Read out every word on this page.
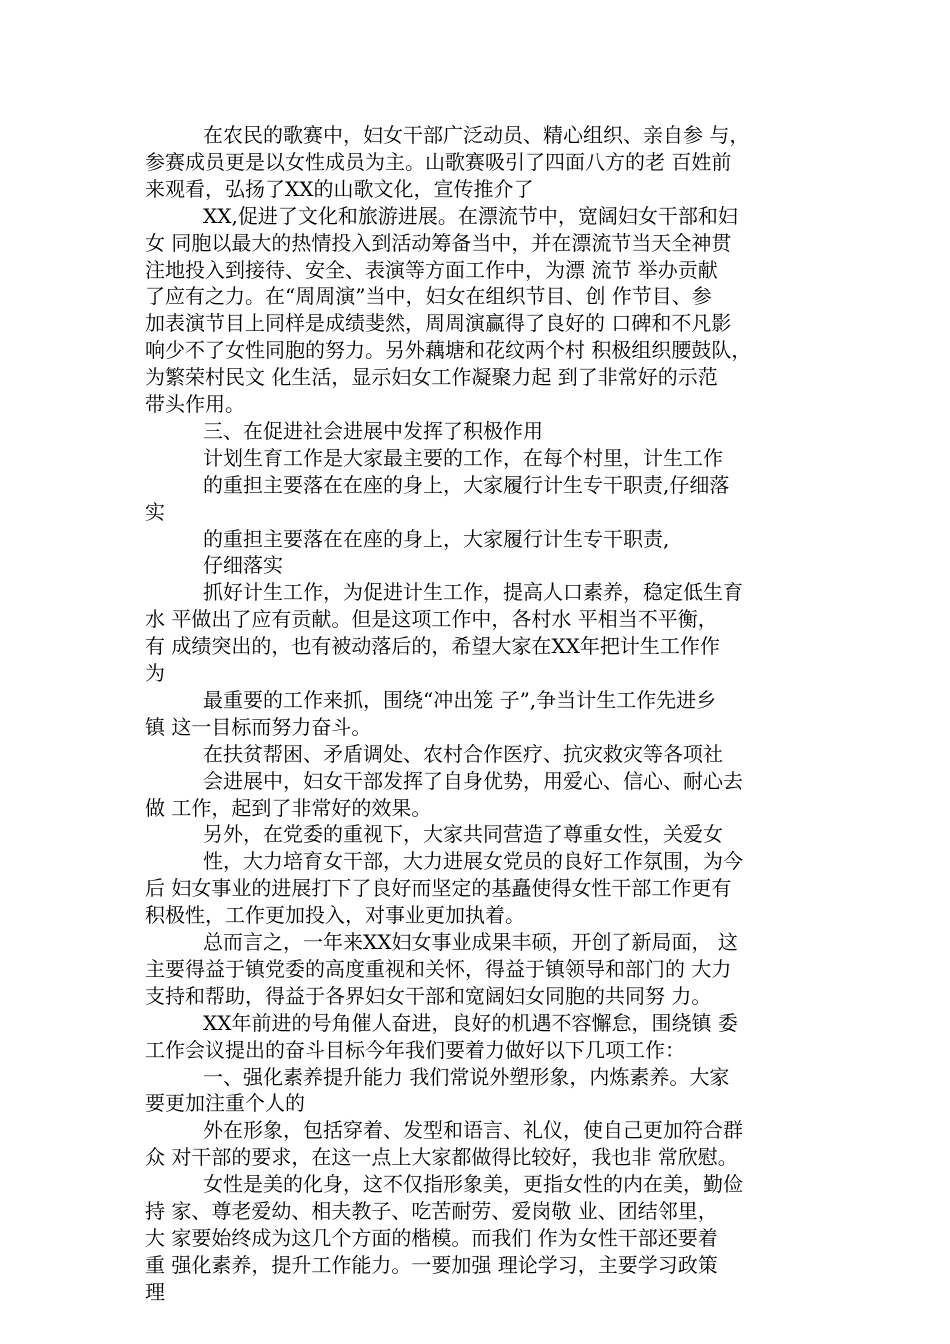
在农民的歌赛中，妇女干部广泛动员、精心组织、亲自参 与，
参赛成员更是以女性成员为主。山歌赛吸引了四面八方的老 百姓前
来观看，弘扬了XX的山歌文化，宣传推介了
XX,促进了文化和旅游进展。在漂流节中，宽阔妇女干部和妇
女 同胞以最大的热情投入到活动筹备当中，并在漂流节当天全神贯
注地投入到接待、安全、表演等方面工作中，为漂 流节 举办贡献
了应有之力。在“周周演”当中，妇女在组织节目、创 作节目、参
加表演节目上同样是成绩斐然，周周演赢得了良好的 口碑和不凡影
响少不了女性同胞的努力。另外藕塘和花纹两个村 积极组织腰鼓队，
为繁荣村民文 化生活，显示妇女工作凝聚力起 到了非常好的示范
带头作用。
三、在促进社会进展中发挥了积极作用
计划生育工作是大家最主要的工作，在每个村里，计生工作
的重担主要落在在座的身上，大家履行计生专干职责,仔细落
实
的重担主要落在在座的身上，大家履行计生专干职责,
仔细落实
抓好计生工作，为促进计生工作，提高人口素养，稳定低生育
水 平做出了应有贡献。但是这项工作中，各村水 平相当不平衡，
有 成绩突出的，也有被动落后的，希望大家在XX年把计生工作作
为
最重要的工作来抓，围绕“冲出笼 子”,争当计生工作先进乡
镇 这一目标而努力奋斗。
在扶贫帮困、矛盾调处、农村合作医疗、抗灾救灾等各项社
会进展中，妇女干部发挥了自身优势，用爱心、信心、耐心去
做 工作，起到了非常好的效果。
另外，在党委的重视下，大家共同营造了尊重女性，关爱女
性，大力培育女干部，大力进展女党员的良好工作氛围，为今
后 妇女事业的进展打下了良好而坚定的基矗使得女性干部工作更有
积极性，工作更加投入，对事业更加执着。
总而言之，一年来XX妇女事业成果丰硕，开创了新局面， 这
主要得益于镇党委的高度重视和关怀，得益于镇领导和部门的 大力
支持和帮助，得益于各界妇女干部和宽阔妇女同胞的共同努 力。
XX年前进的号角催人奋进，良好的机遇不容懈怠，围绕镇 委
工作会议提出的奋斗目标今年我们要着力做好以下几项工作：
一、强化素养提升能力 我们常说外塑形象，内炼素养。大家
要更加注重个人的
外在形象，包括穿着、发型和语言、礼仪，使自己更加符合群
众 对干部的要求，在这一点上大家都做得比较好，我也非 常欣慰。
女性是美的化身，这不仅指形象美，更指女性的内在美，勤俭
持 家、尊老爱幼、相夫教子、吃苦耐劳、爱岗敬 业、团结邻里，
大 家要始终成为这几个方面的楷模。而我们 作为女性干部还要着
重 强化素养，提升工作能力。一要加强 理论学习，主要学习政策
理
